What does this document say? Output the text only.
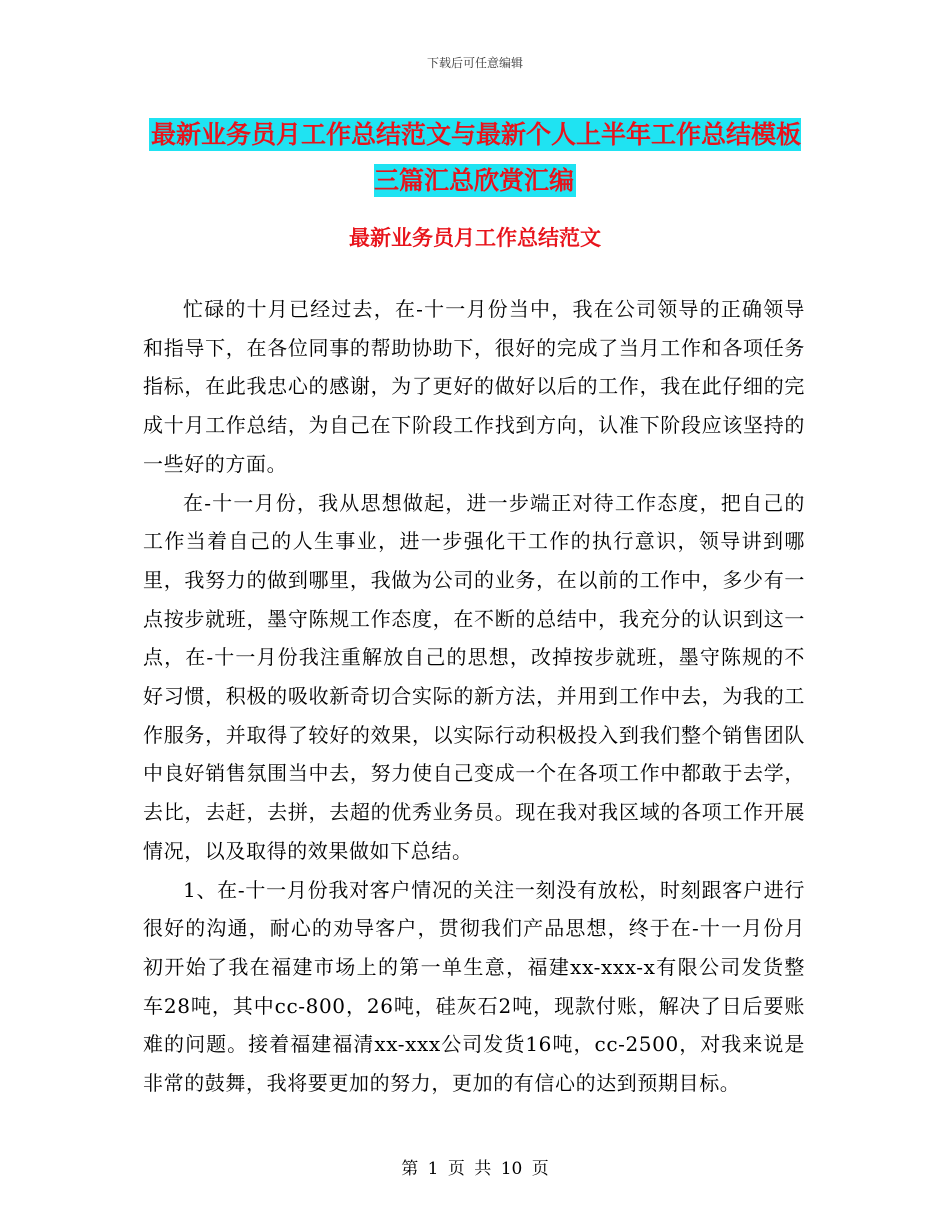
下载后可任意编辑
最新业务员月工作总结范文与最新个人上半年工作总结模板三篇汇总欣赏汇编
最新业务员月工作总结范文

忙碌的十月已经过去，在-十一月份当中，我在公司领导的正确领导和指导下，在各位同事的帮助协助下，很好的完成了当月工作和各项任务指标，在此我忠心的感谢，为了更好的做好以后的工作，我在此仔细的完成十月工作总结，为自己在下阶段工作找到方向，认准下阶段应该坚持的一些好的方面。

在-十一月份，我从思想做起，进一步端正对待工作态度，把自己的工作当着自己的人生事业，进一步强化干工作的执行意识，领导讲到哪里，我努力的做到哪里，我做为公司的业务，在以前的工作中，多少有一点按步就班，墨守陈规工作态度，在不断的总结中，我充分的认识到这一点，在-十一月份我注重解放自己的思想，改掉按步就班，墨守陈规的不好习惯，积极的吸收新奇切合实际的新方法，并用到工作中去，为我的工作服务，并取得了较好的效果，以实际行动积极投入到我们整个销售团队中良好销售氛围当中去，努力使自己变成一个在各项工作中都敢于去学，去比，去赶，去拼，去超的优秀业务员。现在我对我区域的各项工作开展情况，以及取得的效果做如下总结。

1、在-十一月份我对客户情况的关注一刻没有放松，时刻跟客户进行很好的沟通，耐心的劝导客户，贯彻我们产品思想，终于在-十一月份月初开始了我在福建市场上的第一单生意，福建xx-xxx-x有限公司发货整车28吨，其中cc-800，26吨，硅灰石2吨，现款付账，解决了日后要账难的问题。接着福建福清xx-xxx公司发货16吨，cc-2500，对我来说是非常的鼓舞，我将要更加的努力，更加的有信心的达到预期目标。

第 1 页 共 10 页
